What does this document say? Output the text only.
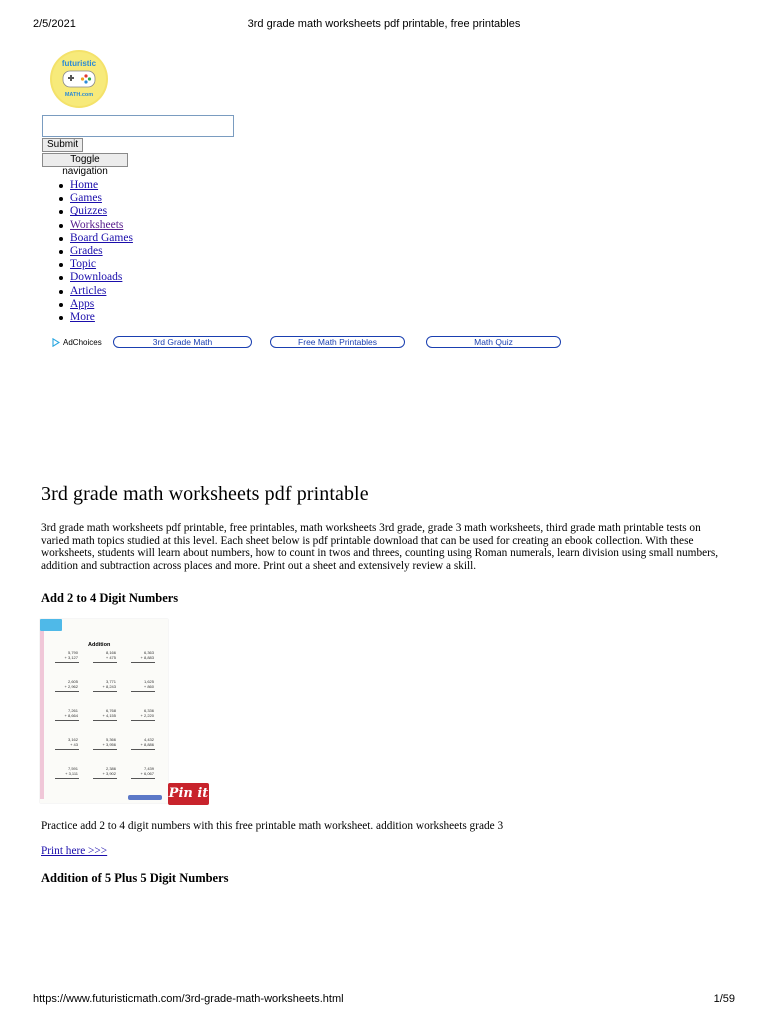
2/5/2021	3rd grade math worksheets pdf printable, free printables
futuristic
MATH.com
Submit
Toggle navigation
Home
Games
Quizzes
Worksheets
Board Games
Grades
Topic
Downloads
Articles
Apps
More
AdChoices	3rd Grade Math	Free Math Printables	Math Quiz
3rd grade math worksheets pdf printable

3rd grade math worksheets pdf printable, free printables, math worksheets 3rd grade, grade 3 math worksheets, third grade math printable tests on varied math topics studied at this level. Each sheet below is pdf printable download that can be used for creating an ebook collection. With these worksheets, students will learn about numbers, how to count in twos and threes, counting using Roman numerals, learn division using small numbers, addition and subtraction across places and more. Print out a sheet and extensively review a skill.

Add 2 to 4 Digit Numbers
Addition
5,790
+ 3,127
8,166
+ 475
6,363
+ 8,883
2,605
+ 2,962
3,771
+ 8,243
1,625
+ 860
7,261
+ 8,664
6,768
+ 4,155
6,336
+ 2,220
3,162
+ 43
5,366
+ 3,956
4,432
+ 8,886
7,591
+ 3,111
2,386
+ 3,902
7,439
+ 6,067
Pin it

Practice add 2 to 4 digit numbers with this free printable math worksheet. addition worksheets grade 3

Print here >>>
Addition of 5 Plus 5 Digit Numbers
https://www.futuristicmath.com/3rd-grade-math-worksheets.html	1/59
